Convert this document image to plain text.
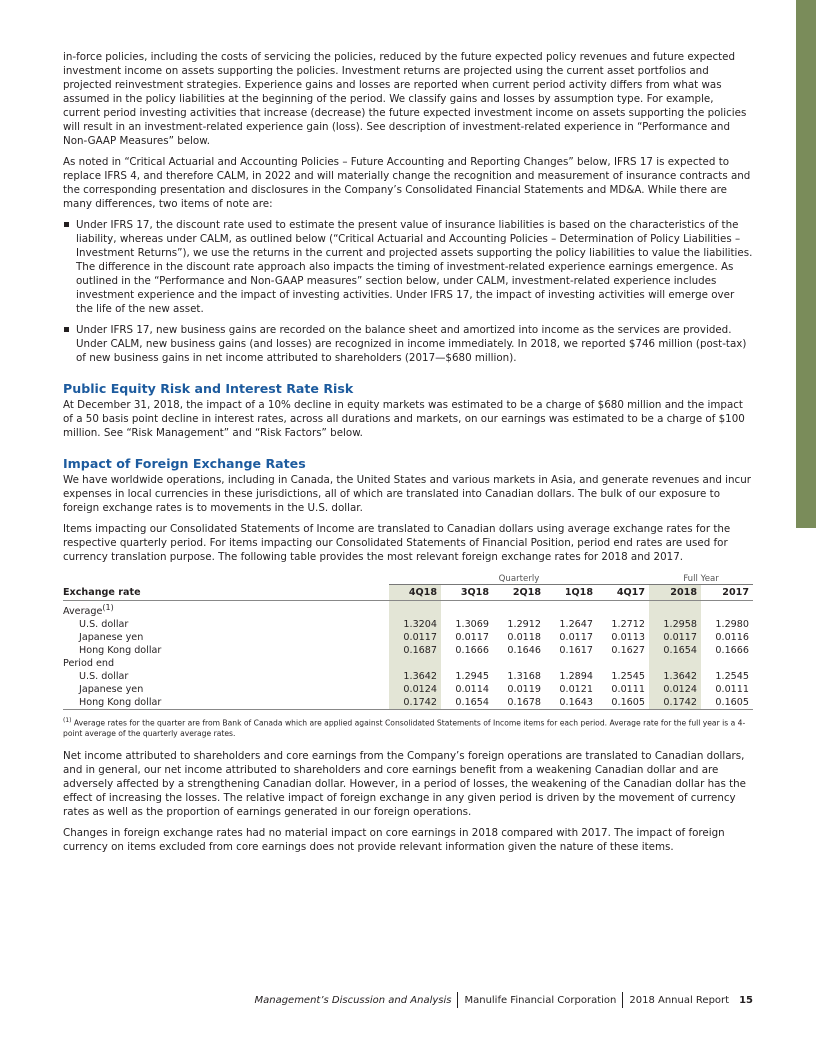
in-force policies, including the costs of servicing the policies, reduced by the future expected policy revenues and future expected investment income on assets supporting the policies. Investment returns are projected using the current asset portfolios and projected reinvestment strategies. Experience gains and losses are reported when current period activity differs from what was assumed in the policy liabilities at the beginning of the period. We classify gains and losses by assumption type. For example, current period investing activities that increase (decrease) the future expected investment income on assets supporting the policies will result in an investment-related experience gain (loss). See description of investment-related experience in “Performance and Non-GAAP Measures” below.

As noted in “Critical Actuarial and Accounting Policies – Future Accounting and Reporting Changes” below, IFRS 17 is expected to replace IFRS 4, and therefore CALM, in 2022 and will materially change the recognition and measurement of insurance contracts and the corresponding presentation and disclosures in the Company’s Consolidated Financial Statements and MD&A. While there are many differences, two items of note are:

Under IFRS 17, the discount rate used to estimate the present value of insurance liabilities is based on the characteristics of the liability, whereas under CALM, as outlined below (“Critical Actuarial and Accounting Policies – Determination of Policy Liabilities – Investment Returns”), we use the returns in the current and projected assets supporting the policy liabilities to value the liabilities. The difference in the discount rate approach also impacts the timing of investment-related experience earnings emergence. As outlined in the “Performance and Non-GAAP measures” section below, under CALM, investment-related experience includes investment experience and the impact of investing activities. Under IFRS 17, the impact of investing activities will emerge over the life of the new asset.
Under IFRS 17, new business gains are recorded on the balance sheet and amortized into income as the services are provided. Under CALM, new business gains (and losses) are recognized in income immediately. In 2018, we reported $746 million (post-tax) of new business gains in net income attributed to shareholders (2017—$680 million).
Public Equity Risk and Interest Rate Risk

At December 31, 2018, the impact of a 10% decline in equity markets was estimated to be a charge of $680 million and the impact of a 50 basis point decline in interest rates, across all durations and markets, on our earnings was estimated to be a charge of $100 million. See “Risk Management” and “Risk Factors” below.

Impact of Foreign Exchange Rates

We have worldwide operations, including in Canada, the United States and various markets in Asia, and generate revenues and incur expenses in local currencies in these jurisdictions, all of which are translated into Canadian dollars. The bulk of our exposure to foreign exchange rates is to movements in the U.S. dollar.

Items impacting our Consolidated Statements of Income are translated to Canadian dollars using average exchange rates for the respective quarterly period. For items impacting our Consolidated Statements of Financial Position, period end rates are used for currency translation purpose. The following table provides the most relevant foreign exchange rates for 2018 and 2017.

	Quarterly					Full Year	
Exchange rate	4Q18	3Q18	2Q18	1Q18	4Q17	2018	2017
Average$^{(1)}$							
U.S. dollar	1.3204	1.3069	1.2912	1.2647	1.2712	1.2958	1.2980
Japanese yen	0.0117	0.0117	0.0118	0.0117	0.0113	0.0117	0.0116
Hong Kong dollar	0.1687	0.1666	0.1646	0.1617	0.1627	0.1654	0.1666
Period end							
U.S. dollar	1.3642	1.2945	1.3168	1.2894	1.2545	1.3642	1.2545
Japanese yen	0.0124	0.0114	0.0119	0.0121	0.0111	0.0124	0.0111
Hong Kong dollar	0.1742	0.1654	0.1678	0.1643	0.1605	0.1742	0.1605
$^{(1)}$ Average rates for the quarter are from Bank of Canada which are applied against Consolidated Statements of Income items for each period. Average rate for the full year is a 4-point average of the quarterly average rates.

Net income attributed to shareholders and core earnings from the Company’s foreign operations are translated to Canadian dollars, and in general, our net income attributed to shareholders and core earnings benefit from a weakening Canadian dollar and are adversely affected by a strengthening Canadian dollar. However, in a period of losses, the weakening of the Canadian dollar has the effect of increasing the losses. The relative impact of foreign exchange in any given period is driven by the movement of currency rates as well as the proportion of earnings generated in our foreign operations.

Changes in foreign exchange rates had no material impact on core earnings in 2018 compared with 2017. The impact of foreign currency on items excluded from core earnings does not provide relevant information given the nature of these items.

Management’s Discussion and Analysis Manulife Financial Corporation 2018 Annual Report 15
